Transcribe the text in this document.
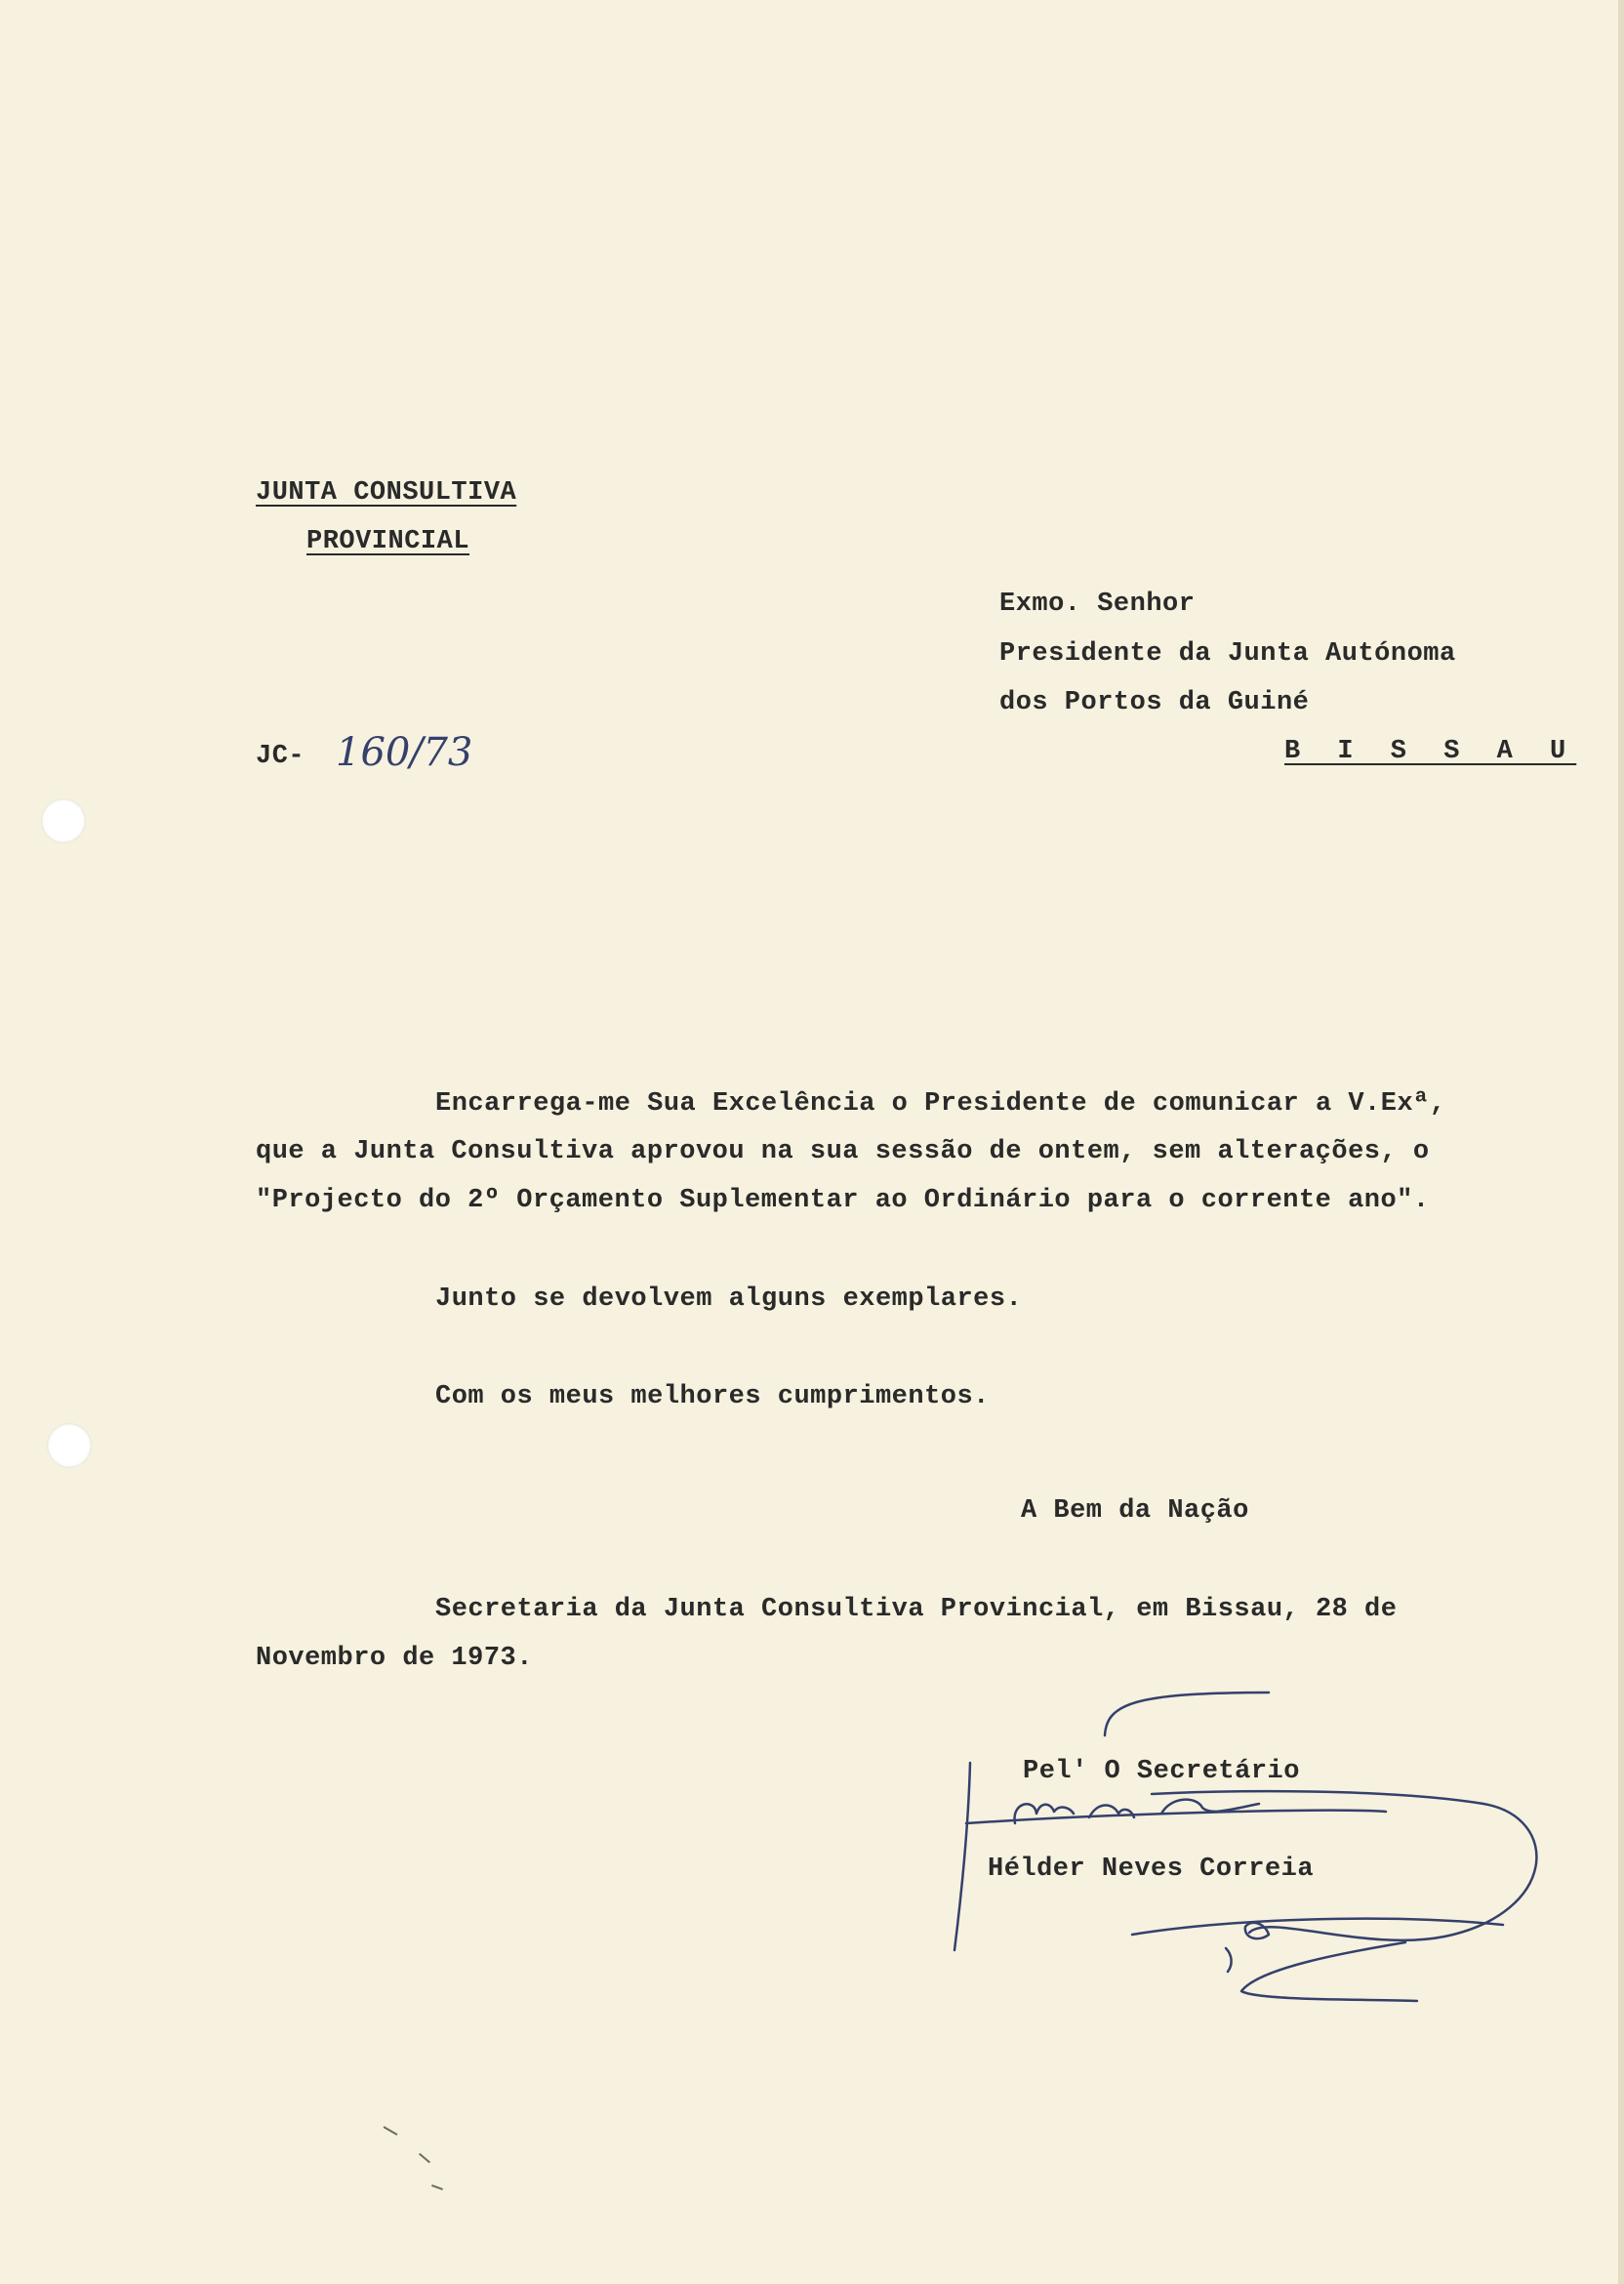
JUNTA CONSULTIVA
PROVINCIAL
Exmo. Senhor
Presidente da Junta Autónoma
dos Portos da Guiné
B I S S A U
JC- 160 /73
Encarrega-me Sua Excelência o Presidente de comunicar a V.Exª,
que a Junta Consultiva aprovou na sua sessão de ontem, sem alterações, o
"Projecto do 2º Orçamento Suplementar ao Ordinário para o corrente ano".
Junto se devolvem alguns exemplares.
Com os meus melhores cumprimentos.
A Bem da Nação
Secretaria da Junta Consultiva Provincial, em Bissau, 28 de
Novembro de 1973.
Pel' O Secretário
Hélder Neves Correia
